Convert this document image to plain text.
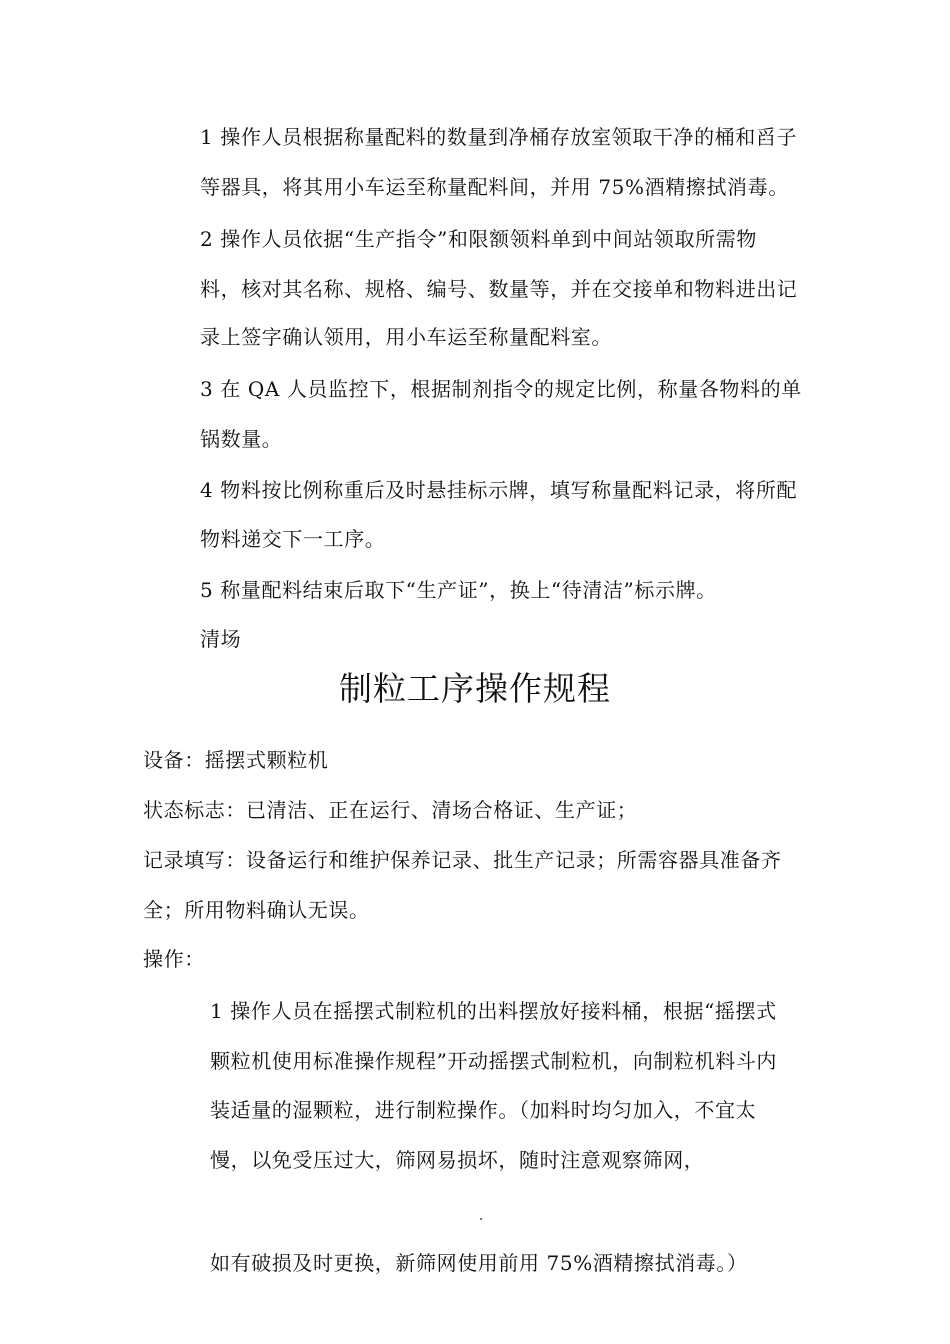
1 操作人员根据称量配料的数量到净桶存放室领取干净的桶和舀子
等器具，将其用小车运至称量配料间，并用 75%酒精擦拭消毒。
2 操作人员依据“生产指令”和限额领料单到中间站领取所需物
料，核对其名称、规格、编号、数量等，并在交接单和物料进出记
录上签字确认领用，用小车运至称量配料室。
3 在 QA 人员监控下，根据制剂指令的规定比例，称量各物料的单
锅数量。
4 物料按比例称重后及时悬挂标示牌，填写称量配料记录，将所配
物料递交下一工序。
5 称量配料结束后取下“生产证”，换上“待清洁”标示牌。
清场
制粒工序操作规程
设备：摇摆式颗粒机
状态标志：已清洁、正在运行、清场合格证、生产证；
记录填写：设备运行和维护保养记录、批生产记录；所需容器具准备齐
全；所用物料确认无误。
操作：
1 操作人员在摇摆式制粒机的出料摆放好接料桶，根据“摇摆式
颗粒机使用标准操作规程”开动摇摆式制粒机，向制粒机料斗内
装适量的湿颗粒，进行制粒操作。（加料时均匀加入，不宜太
慢，以免受压过大，筛网易损坏，随时注意观察筛网，
如有破损及时更换，新筛网使用前用 75%酒精擦拭消毒。）
